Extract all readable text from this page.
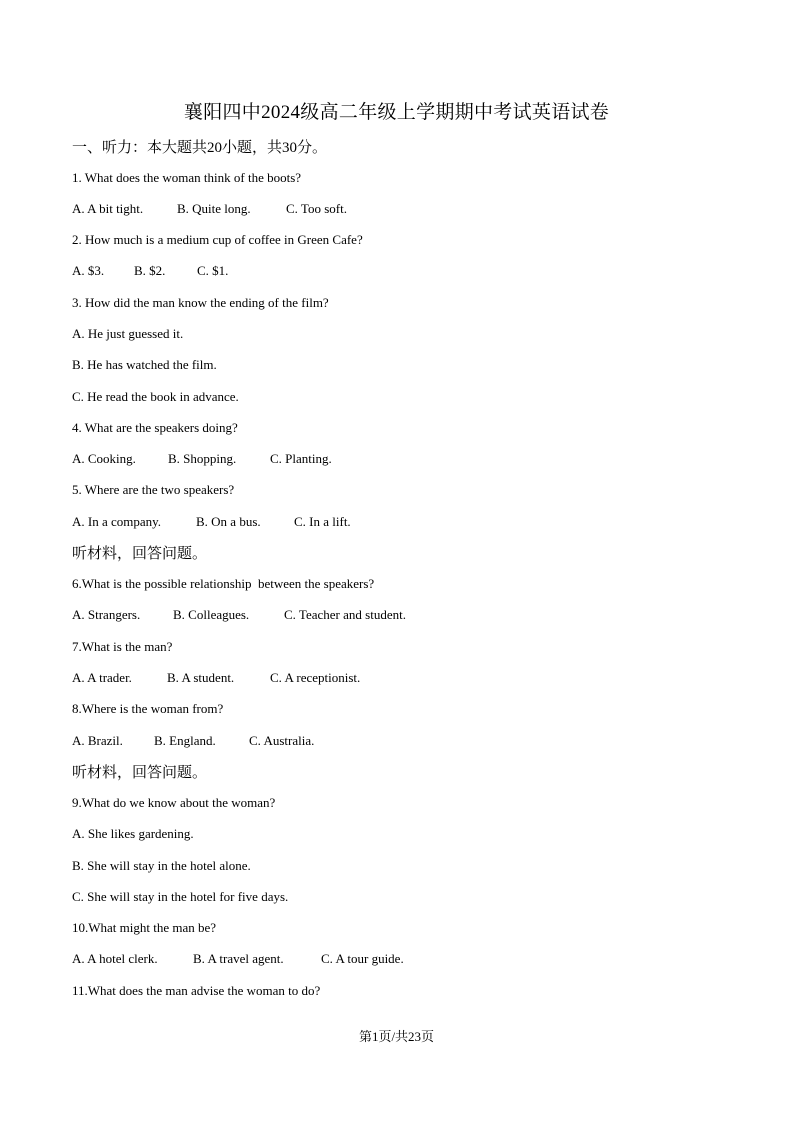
襄阳四中2024级高二年级上学期期中考试英语试卷
一、听力：本大题共20小题，共30分。
1. What does the woman think of the boots?
A. A bit tight.	B. Quite long.	C. Too soft.
2. How much is a medium cup of coffee in Green Cafe?
A. $3. B. $2. C. $1.
3. How did the man know the ending of the film?
A. He just guessed it.
B. He has watched the film.
C. He read the book in advance.
4. What are the speakers doing?
A. Cooking. B. Shopping.	C. Planting.
5. Where are the two speakers?
A. In a company.	B. On a bus.	C. In a lift.
听材料，回答问题。
6.What is the possible relationship  between the speakers?
A. Strangers.	B. Colleagues.	C. Teacher and student.
7.What is the man?
A. A trader.	B. A student.	C. A receptionist.
8.Where is the woman from?
A. Brazil. B. England.	C. Australia.
听材料，回答问题。
9.What do we know about the woman?
A. She likes gardening.
B. She will stay in the hotel alone.
C. She will stay in the hotel for five days.
10.What might the man be?
A. A hotel clerk.	B. A travel agent.	C. A tour guide.
11.What does the man advise the woman to do?
第1页/共23页
